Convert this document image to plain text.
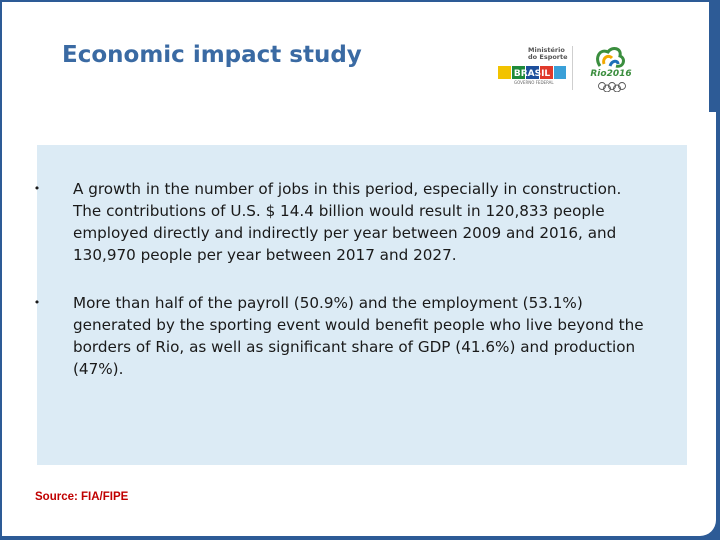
Economic impact study	Ministério
do Esporte
BRASIL
GOVERNO FEDERAL
Rio2016
• A growth in the number of jobs in this period, especially in construction.
The contributions of U.S. $ 14.4 billion would result in 120,833 people
employed directly and indirectly per year between 2009 and 2016, and
130,970 people per year between 2017 and 2027.
• More than half of the payroll (50.9%) and the employment (53.1%)
generated by the sporting event would benefit people who live beyond the
borders of Rio, as well as significant share of GDP (41.6%) and production
(47%).
Source: FIA/FIPE
